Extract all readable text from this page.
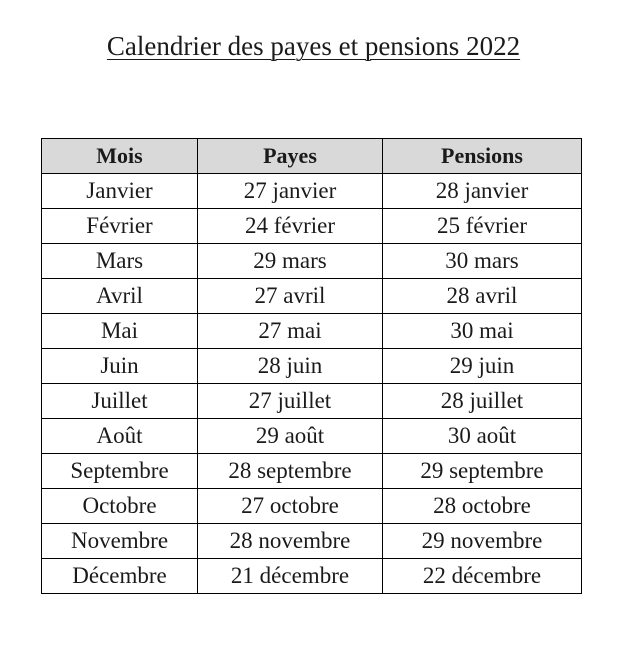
Calendrier des payes et pensions 2022
Mois	Payes	Pensions
Janvier	27 janvier	28 janvier
Février	24 février	25 février
Mars	29 mars	30 mars
Avril	27 avril	28 avril
Mai	27 mai	30 mai
Juin	28 juin	29 juin
Juillet	27 juillet	28 juillet
Août	29 août	30 août
Septembre	28 septembre	29 septembre
Octobre	27 octobre	28 octobre
Novembre	28 novembre	29 novembre
Décembre	21 décembre	22 décembre
